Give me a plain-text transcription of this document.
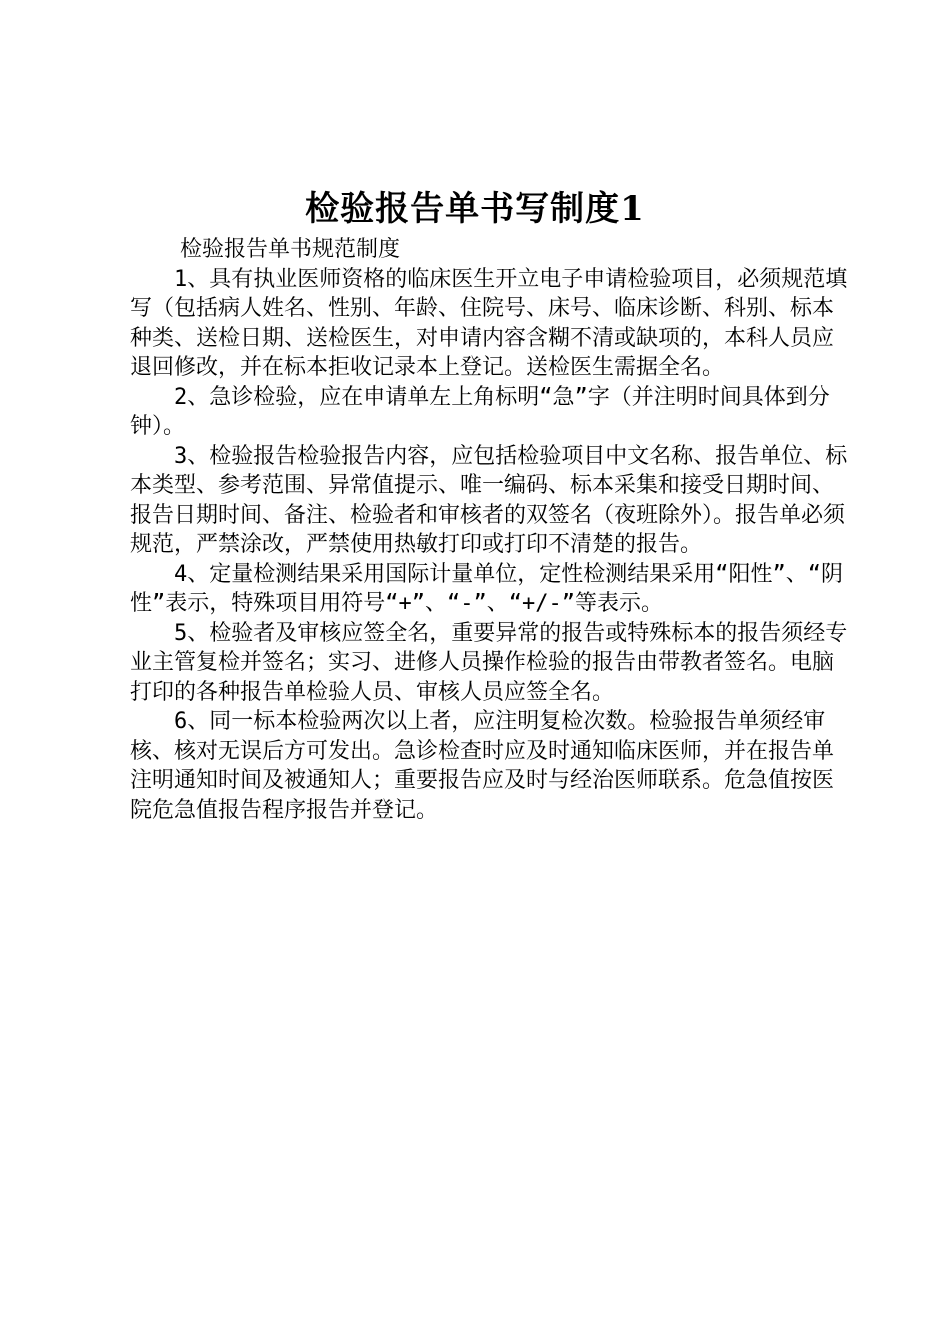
检验报告单书写制度1

检验报告单书规范制度

1、具有执业医师资格的临床医生开立电子申请检验项目，必须规范填写（包括病人姓名、性别、年龄、住院号、床号、临床诊断、科别、标本种类、送检日期、送检医生，对申请内容含糊不清或缺项的，本科人员应退回修改，并在标本拒收记录本上登记。送检医生需据全名。

2、急诊检验，应在申请单左上角标明“急”字（并注明时间具体到分钟）。

3、检验报告检验报告内容，应包括检验项目中文名称、报告单位、标本类型、参考范围、异常值提示、唯一编码、标本采集和接受日期时间、报告日期时间、备注、检验者和审核者的双签名（夜班除外）。报告单必须规范，严禁涂改，严禁使用热敏打印或打印不清楚的报告。

4、定量检测结果采用国际计量单位，定性检测结果采用“阳性”、“阴性”表示，特殊项目用符号“+”、“-”、“+/-”等表示。

5、检验者及审核应签全名，重要异常的报告或特殊标本的报告须经专业主管复检并签名；实习、进修人员操作检验的报告由带教者签名。电脑打印的各种报告单检验人员、审核人员应签全名。

6、同一标本检验两次以上者，应注明复检次数。检验报告单须经审核、核对无误后方可发出。急诊检查时应及时通知临床医师，并在报告单注明通知时间及被通知人；重要报告应及时与经治医师联系。危急值按医院危急值报告程序报告并登记。
